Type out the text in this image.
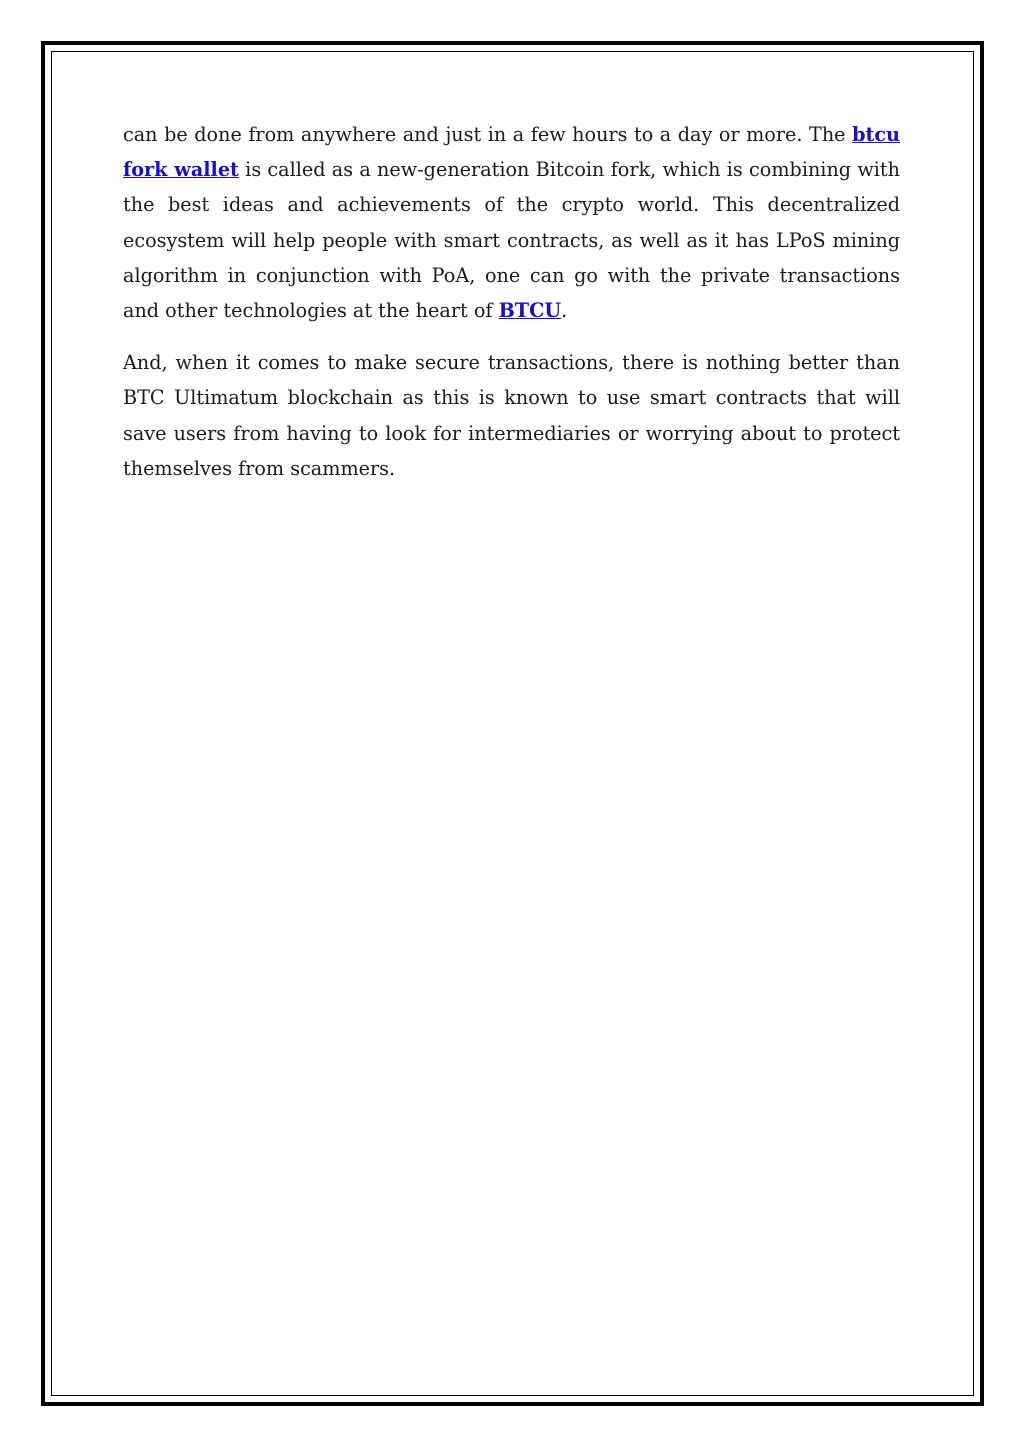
can be done from anywhere and just in a few hours to a day or more. The btcu fork wallet is called as a new-generation Bitcoin fork, which is combining with the best ideas and achievements of the crypto world. This decentralized ecosystem will help people with smart contracts, as well as it has LPoS mining algorithm in conjunction with PoA, one can go with the private transactions and other technologies at the heart of BTCU.

And, when it comes to make secure transactions, there is nothing better than BTC Ultimatum blockchain as this is known to use smart contracts that will save users from having to look for intermediaries or worrying about to protect themselves from scammers.
